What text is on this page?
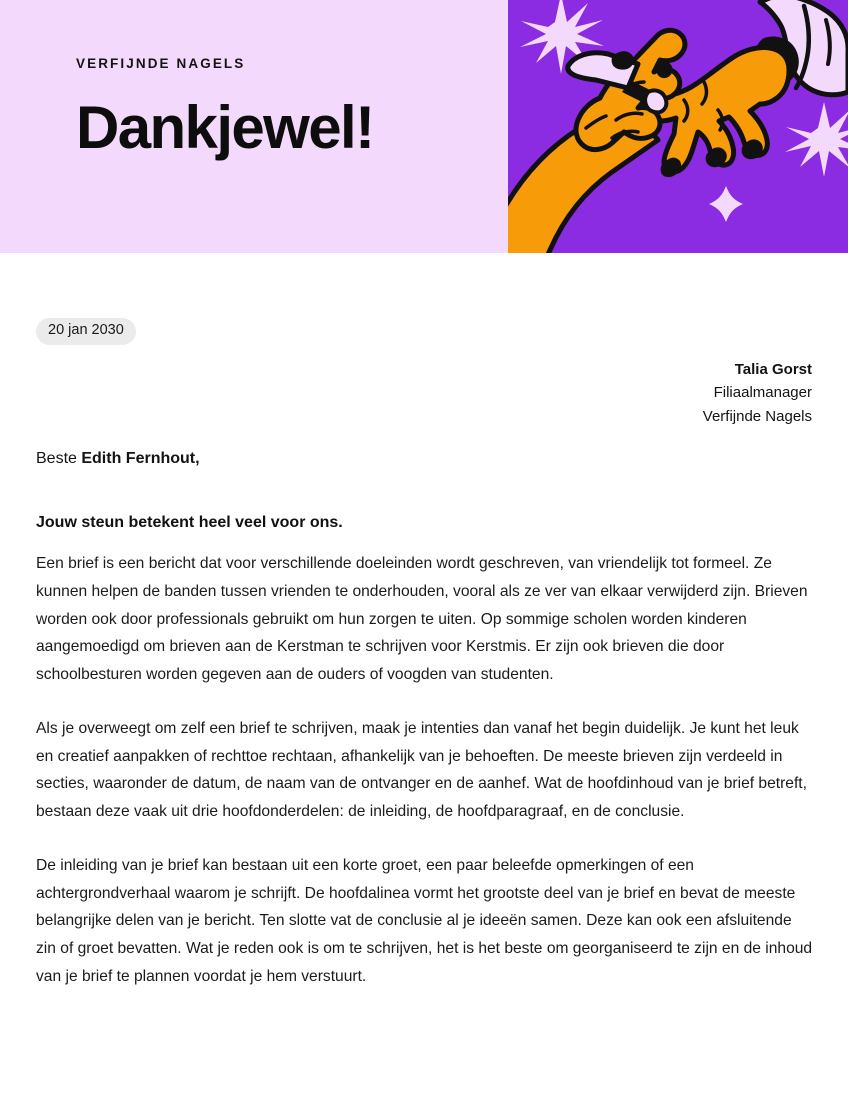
VERFIJNDE NAGELS

Dankjewel!
20 jan 2030
Talia Gorst
Filiaalmanager
Verfijnde Nagels
Beste Edith Fernhout,
Jouw steun betekent heel veel voor ons.

Een brief is een bericht dat voor verschillende doeleinden wordt geschreven, van vriendelijk tot formeel. Ze kunnen helpen de banden tussen vrienden te onderhouden, vooral als ze ver van elkaar verwijderd zijn. Brieven worden ook door professionals gebruikt om hun zorgen te uiten. Op sommige scholen worden kinderen aangemoedigd om brieven aan de Kerstman te schrijven voor Kerstmis. Er zijn ook brieven die door schoolbesturen worden gegeven aan de ouders of voogden van studenten.

Als je overweegt om zelf een brief te schrijven, maak je intenties dan vanaf het begin duidelijk. Je kunt het leuk en creatief aanpakken of rechttoe rechtaan, afhankelijk van je behoeften. De meeste brieven zijn verdeeld in secties, waaronder de datum, de naam van de ontvanger en de aanhef. Wat de hoofdinhoud van je brief betreft, bestaan deze vaak uit drie hoofdonderdelen: de inleiding, de hoofdparagraaf, en de conclusie.

De inleiding van je brief kan bestaan uit een korte groet, een paar beleefde opmerkingen of een achtergrondverhaal waarom je schrijft. De hoofdalinea vormt het grootste deel van je brief en bevat de meeste belangrijke delen van je bericht. Ten slotte vat de conclusie al je ideeën samen. Deze kan ook een afsluitende zin of groet bevatten. Wat je reden ook is om te schrijven, het is het beste om georganiseerd te zijn en de inhoud van je brief te plannen voordat je hem verstuurt.
